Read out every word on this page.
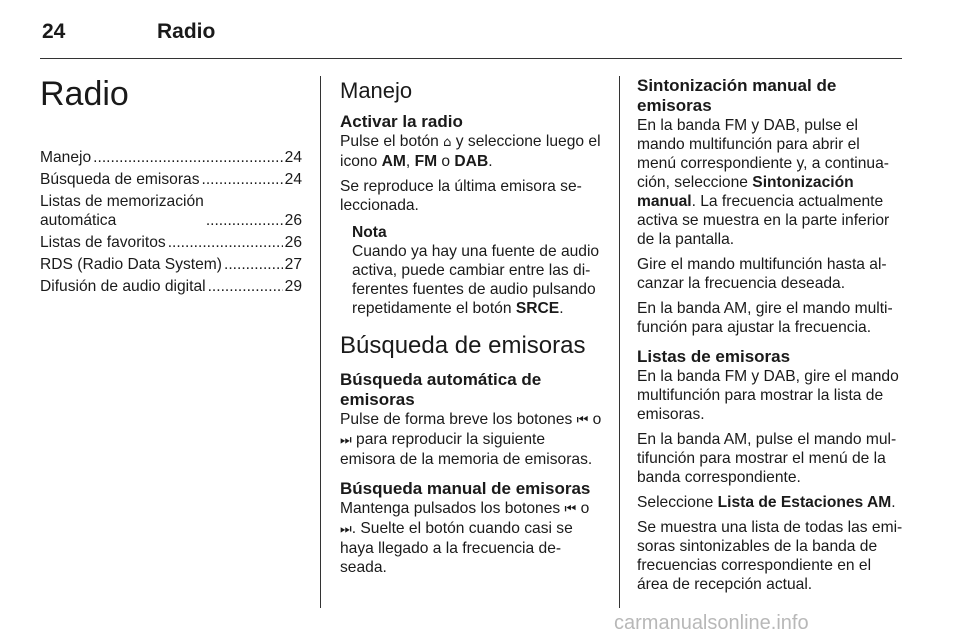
24	Radio
Radio
Manejo .....	24
Búsqueda de emisoras .....	24
Listas de memorización
automática .....	26
Listas de favoritos .....	26
RDS (Radio Data System) .....	27
Difusión de audio digital .....	29
Manejo
Activar la radio

Pulse el botón ⌂ y seleccione luego el icono AM, FM o DAB.

Se reproduce la última emisora se-leccionada.

Nota
Cuando ya hay una fuente de audio activa, puede cambiar entre las di-ferentes fuentes de audio pulsando repetidamente el botón SRCE.
Búsqueda de emisoras
Búsqueda automática de emisoras

Pulse de forma breve los botones ⏮ o ⏭ para reproducir la siguiente emisora de la memoria de emisoras.

Búsqueda manual de emisoras

Mantenga pulsados los botones ⏮ o ⏭. Suelte el botón cuando casi se haya llegado a la frecuencia de-seada.

Sintonización manual de emisoras

En la banda FM y DAB, pulse el mando multifunción para abrir el menú correspondiente y, a continua-ción, seleccione Sintonización manual. La frecuencia actualmente activa se muestra en la parte inferior de la pantalla.

Gire el mando multifunción hasta al-canzar la frecuencia deseada.

En la banda AM, gire el mando multi-función para ajustar la frecuencia.

Listas de emisoras

En la banda FM y DAB, gire el mando multifunción para mostrar la lista de emisoras.

En la banda AM, pulse el mando mul-tifunción para mostrar el menú de la banda correspondiente.

Seleccione Lista de Estaciones AM.

Se muestra una lista de todas las emi-soras sintonizables de la banda de frecuencias correspondiente en el área de recepción actual.

carmanualsonline.info
